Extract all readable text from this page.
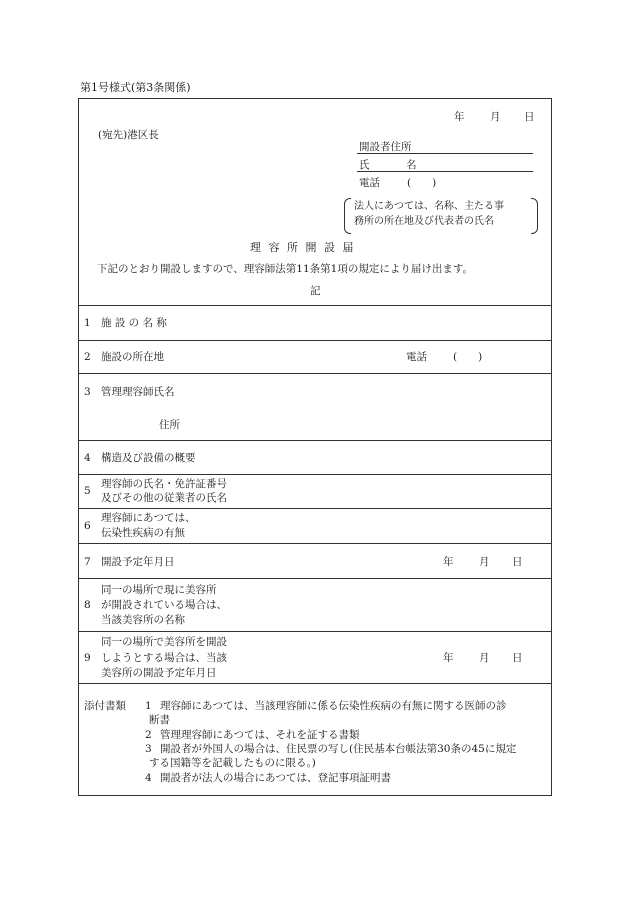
第1号様式(第3条関係)
年 月 日
(宛先)港区長
開設者住所
氏	名
電話	(　　)
法人にあつては、名称、主たる事
務所の所在地及び代表者の氏名
理 容 所 開 設 届
下記のとおり開設しますので、理容師法第11条第1項の規定により届け出ます。
記
1 施 設 の 名 称
2 施設の所在地	電話 (　　)
3 管理理容師氏名
住所
4 構造及び設備の概要
5
理容師の氏名・免許証番号
及びその他の従業者の氏名
6
理容師にあつては、
伝染性疾病の有無
7 開設予定年月日	年 月 日
8
同一の場所で現に美容所
が開設されている場合は、
当該美容所の名称
9
同一の場所で美容所を開設
しようとする場合は、当該
美容所の開設予定年月日
年 月 日
添付書類 1 理容師にあつては、当該理容師に係る伝染性疾病の有無に関する医師の診
断書
2 管理理容師にあつては、それを証する書類
3 開設者が外国人の場合は、住民票の写し(住民基本台帳法第30条の45に規定
する国籍等を記載したものに限る。)
4 開設者が法人の場合にあつては、登記事項証明書
